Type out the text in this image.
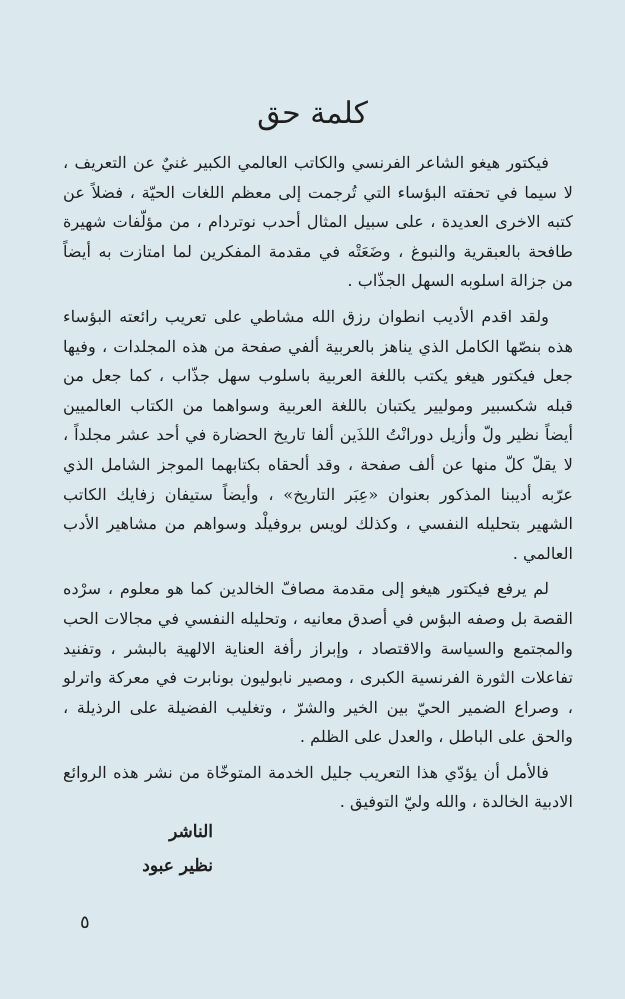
كلمة حق

فيكتور هيغو الشاعر الفرنسي والكاتب العالمي الكبير غنيٌ عن التعريف ، لا سيما في تحفته البؤساء التي تُرجمت إلى معظم اللغات الحيّة ، فضلاً عن كتبه الاخرى العديدة ، على سبيل المثال أحدب نوتردام ، من مؤلّفات شهيرة طافحة بالعبقرية والنبوغ ، وضَعَتْه في مقدمة المفكرين لما امتازت به أيضاً من جزالة اسلوبه السهل الجذّاب .

ولقد اقدم الأديب انطوان رزق الله مشاطي على تعريب رائعته البؤساء هذه بنصّها الكامل الذي يناهز بالعربية ألفي صفحة من هذه المجلدات ، وفيها جعل فيكتور هيغو يكتب باللغة العربية باسلوب سهل جذّاب ، كما جعل من قبله شكسبير وموليير يكتبان باللغة العربية وسواهما من الكتاب العالميين أيضاً نظير ولّ وأزيل دورانْتُ اللذَين ألفا تاريخ الحضارة في أحد عشر مجلداً ، لا يقلّ كلّ منها عن ألف صفحة ، وقد ألحقاه بكتابهما الموجز الشامل الذي عرّبه أديبنا المذكور بعنوان «عِبَر التاريخ» ، وأيضاً ستيفان زفايك الكاتب الشهير بتحليله النفسي ، وكذلك لويس بروفيلْد وسواهم من مشاهير الأدب العالمي .

لم يرفع فيكتور هيغو إلى مقدمة مصافّ الخالدين كما هو معلوم ، سرْده القصة بل وصفه البؤس في أصدق معانيه ، وتحليله النفسي في مجالات الحب والمجتمع والسياسة والاقتصاد ، وإبراز رأفة العناية الالهية بالبشر ، وتفنيد تفاعلات الثورة الفرنسية الكبرى ، ومصير نابوليون بونابرت في معركة واترلو ، وصراع الضمير الحيّ بين الخير والشرّ ، وتغليب الفضيلة على الرذيلة ، والحق على الباطل ، والعدل على الظلم .

فالأمل أن يؤدّي هذا التعريب جليل الخدمة المتوخّاة من نشر هذه الروائع الادبية الخالدة ، والله وليّ التوفيق .

الناشر
نظير عبود
٥
